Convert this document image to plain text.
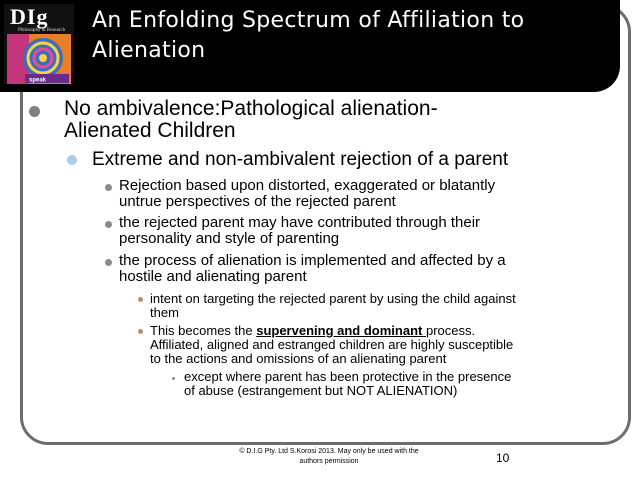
DIg
Philosophy & Research
speak
An Enfolding Spectrum of Affiliation to
Alienation
No ambivalence:Pathological alienation-
Alienated Children
Extreme and non-ambivalent rejection of a parent
Rejection based upon distorted, exaggerated or blatantly
untrue perspectives of the rejected parent
the rejected parent may have contributed through their
personality and style of parenting
the process of alienation is implemented and affected by a
hostile and alienating parent
intent on targeting the rejected parent by using the child against
them
This becomes the supervening and dominant process.
Affiliated, aligned and estranged children are highly susceptible
to the actions and omissions of an alienating parent
except where parent has been protective in the presence
of abuse (estrangement but NOT ALIENATION)
© D.I.G Pty. Ltd S.Korosi 2013. May only be used with the
authors permission	10
